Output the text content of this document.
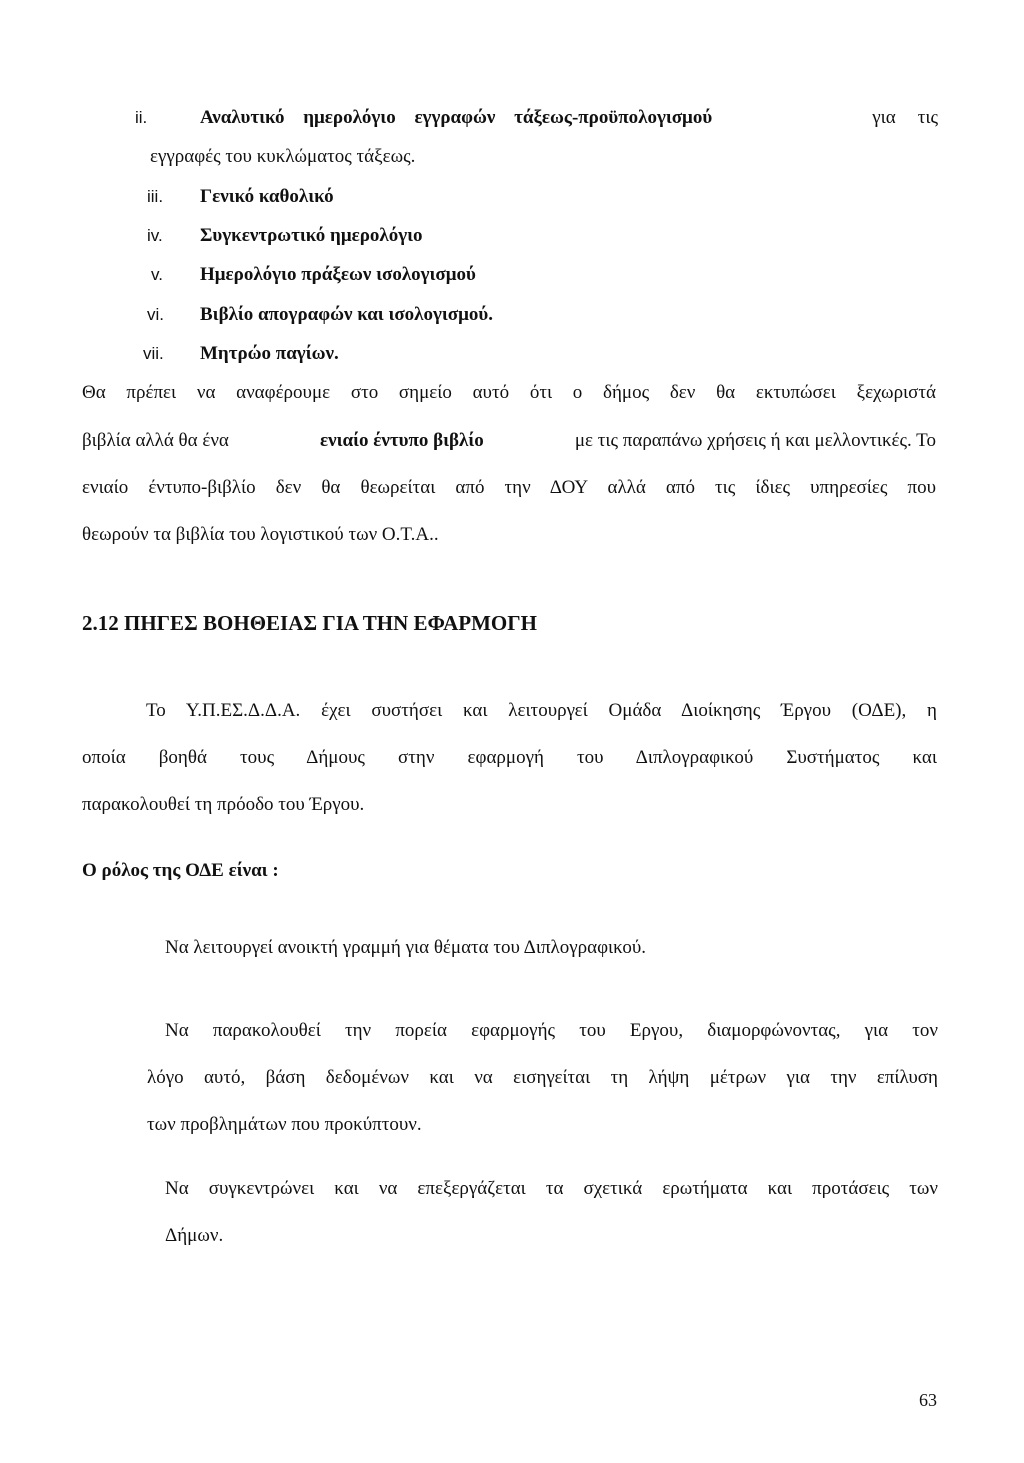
ii.	Αναλυτικό ημερολόγιο εγγραφών τάξεως-προϋπολογισμού	για τις
εγγραφές του κυκλώματος τάξεως.
iii. Γενικό καθολικό
iv. Συγκεντρωτικό ημερολόγιο
v. Ημερολόγιο πράξεων ισολογισμού
vi. Βιβλίο απογραφών και ισολογισμού.
vii. Μητρώο παγίων.
Θα πρέπει να αναφέρουμε στο σημείο αυτό ότι ο δήμος δεν θα εκτυπώσει ξεχωριστά
βιβλία αλλά θα ένα	ενιαίο έντυπο βιβλίο	με τις παραπάνω χρήσεις ή και μελλοντικές. Το
ενιαίο έντυπο-βιβλίο δεν θα θεωρείται από την ΔΟΥ αλλά από τις ίδιες υπηρεσίες που
θεωρούν τα βιβλία του λογιστικού των Ο.Τ.Α..
2.12 ΠΗΓΕΣ ΒΟΗΘΕΙΑΣ ΓΙΑ ΤΗΝ ΕΦΑΡΜΟΓΗ
Το Υ.Π.ΕΣ.Δ.Δ.Α. έχει συστήσει και λειτουργεί Ομάδα Διοίκησης Έργου (ΟΔΕ), η
οποία βοηθά τους Δήμους στην εφαρμογή του Διπλογραφικού Συστήματος και
παρακολουθεί τη πρόοδο του Έργου.
Ο ρόλος της ΟΔΕ είναι :
Να λειτουργεί ανοικτή γραμμή για θέματα του Διπλογραφικού.
Να παρακολουθεί την πορεία εφαρμογής του Εργου, διαμορφώνοντας, για τον
λόγο αυτό, βάση δεδομένων και να εισηγείται τη λήψη μέτρων για την επίλυση
των προβλημάτων που προκύπτουν.
Να συγκεντρώνει και να επεξεργάζεται τα σχετικά ερωτήματα και προτάσεις των
Δήμων.
63
